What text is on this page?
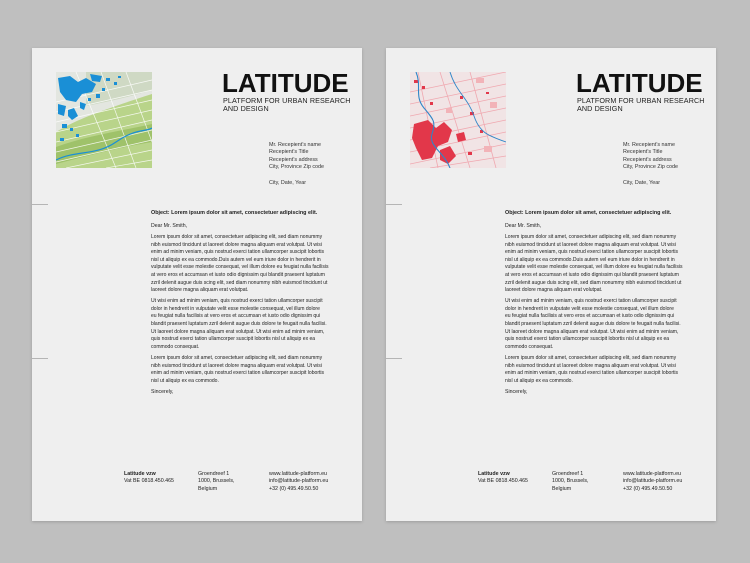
LATITUDE
PLATFORM FOR URBAN RESEARCH
AND DESIGN
Mr. Recepient’s name
Recepient’s Title
Recepient’s address
City, Province Zip code
City, Date, Year
Object: Lorem ipsum dolor sit amet, consectetuer adipiscing elit.
Dear Mr. Smith,
Lorem ipsum dolor sit amet, consectetuer adipiscing elit, sed diam nonummy
nibh euismod tincidunt ut laoreet dolore magna aliquam erat volutpat. Ut wisi
enim ad minim veniam, quis nostrud exerci tation ullamcorper suscipit lobortis
nisl ut aliquip ex ea commodo.Duis autem vel eum iriure dolor in hendrerit in
vulputate velit esse molestie consequat, vel illum dolore eu feugiat nulla facilisis
at vero eros et accumsan et iusto odio dignissim qui blandit praesent luptatum
zzril delenit augue duis scing elit, sed diam nonummy nibh euismod tincidunt ut
laoreet dolore magna aliquam erat volutpat.
Ut wisi enim ad minim veniam, quis nostrud exerci tation ullamcorper suscipit
dolor in hendrerit in vulputate velit esse molestie consequat, vel illum dolore
eu feugiat nulla facilisis at vero eros et accumsan et iusto odio dignissim qui
blandit praesent luptatum zzril delenit augue duis dolore te feugait nulla facilisi.
Ut laoreet dolore magna aliquam erat volutpat. Ut wisi enim ad minim veniam,
quis nostrud exerci tation ullamcorper suscipit lobortis nisl ut aliquip ex ea
commodo consequat.
Lorem ipsum dolor sit amet, consectetuer adipiscing elit, sed diam nonummy
nibh euismod tincidunt ut laoreet dolore magna aliquam erat volutpat. Ut wisi
enim ad minim veniam, quis nostrud exerci tation ullamcorper suscipit lobortis
nisl ut aliquip ex ea commodo.
Sincerely,
Latitude vzw
Vat BE 0818.450.465
Groendreef 1
1000, Brussels,
Belgium
www.latitude-platform.eu
info@latitude-platform.eu
+32 (0) 495.49.50.50
LATITUDE
PLATFORM FOR URBAN RESEARCH
AND DESIGN
Mr. Recepient’s name
Recepient’s Title
Recepient’s address
City, Province Zip code
City, Date, Year
Object: Lorem ipsum dolor sit amet, consectetuer adipiscing elit.
Dear Mr. Smith,
Lorem ipsum dolor sit amet, consectetuer adipiscing elit, sed diam nonummy
nibh euismod tincidunt ut laoreet dolore magna aliquam erat volutpat. Ut wisi
enim ad minim veniam, quis nostrud exerci tation ullamcorper suscipit lobortis
nisl ut aliquip ex ea commodo.Duis autem vel eum iriure dolor in hendrerit in
vulputate velit esse molestie consequat, vel illum dolore eu feugiat nulla facilisis
at vero eros et accumsan et iusto odio dignissim qui blandit praesent luptatum
zzril delenit augue duis scing elit, sed diam nonummy nibh euismod tincidunt ut
laoreet dolore magna aliquam erat volutpat.
Ut wisi enim ad minim veniam, quis nostrud exerci tation ullamcorper suscipit
dolor in hendrerit in vulputate velit esse molestie consequat, vel illum dolore
eu feugiat nulla facilisis at vero eros et accumsan et iusto odio dignissim qui
blandit praesent luptatum zzril delenit augue duis dolore te feugait nulla facilisi.
Ut laoreet dolore magna aliquam erat volutpat. Ut wisi enim ad minim veniam,
quis nostrud exerci tation ullamcorper suscipit lobortis nisl ut aliquip ex ea
commodo consequat.
Lorem ipsum dolor sit amet, consectetuer adipiscing elit, sed diam nonummy
nibh euismod tincidunt ut laoreet dolore magna aliquam erat volutpat. Ut wisi
enim ad minim veniam, quis nostrud exerci tation ullamcorper suscipit lobortis
nisl ut aliquip ex ea commodo.
Sincerely,
Latitude vzw
Vat BE 0818.450.465
Groendreef 1
1000, Brussels,
Belgium
www.latitude-platform.eu
info@latitude-platform.eu
+32 (0) 495.49.50.50
